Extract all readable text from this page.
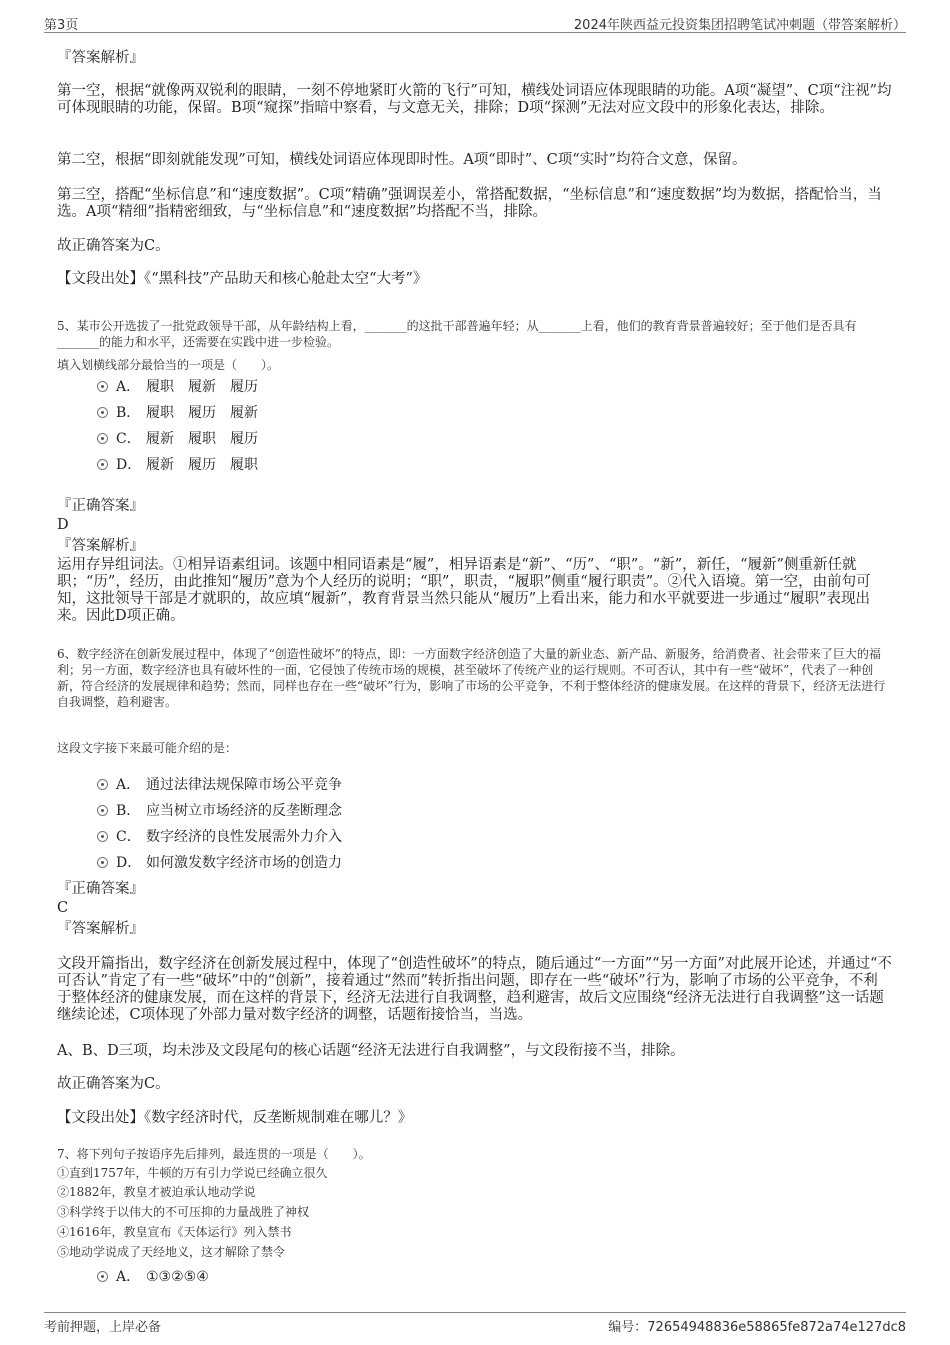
第3页	2024年陕西益元投资集团招聘笔试冲刺题（带答案解析）

『答案解析』

第一空，根据“就像两双锐利的眼睛，一刻不停地紧盯火箭的飞行”可知，横线处词语应体现眼睛的功能。A项“凝望”、C项“注视”均可体现眼睛的功能，保留。B项“窥探”指暗中察看，与文意无关，排除；D项“探测”无法对应文段中的形象化表达，排除。

第二空，根据“即刻就能发现”可知，横线处词语应体现即时性。A项“即时”、C项“实时”均符合文意，保留。

第三空，搭配“坐标信息”和“速度数据”。C项“精确”强调误差小，常搭配数据，“坐标信息”和“速度数据”均为数据，搭配恰当，当选。A项“精细”指精密细致，与“坐标信息”和“速度数据”均搭配不当，排除。

故正确答案为C。

【文段出处】《“黑科技”产品助天和核心舱赴太空“大考”》

5、某市公开选拔了一批党政领导干部，从年龄结构上看，_______的这批干部普遍年轻；从_______上看，他们的教育背景普遍较好；至于他们是否具有_______的能力和水平，还需要在实践中进一步检验。

填入划横线部分最恰当的一项是（　　）。

A． 履职　履新　履历
B． 履职　履历　履新
C． 履新　履职　履历
D． 履新　履历　履职

『正确答案』

D

『答案解析』

运用存异组词法。①相异语素组词。该题中相同语素是“履”，相异语素是“新”、“历”、“职”。“新”，新任，“履新”侧重新任就职；“历”，经历，由此推知“履历”意为个人经历的说明；“职”，职责，“履职”侧重“履行职责”。②代入语境。第一空，由前句可知，这批领导干部是才就职的，故应填“履新”，教育背景当然只能从“履历”上看出来，能力和水平就要进一步通过“履职”表现出来。因此D项正确。

6、数字经济在创新发展过程中，体现了“创造性破坏”的特点，即：一方面数字经济创造了大量的新业态、新产品、新服务，给消费者、社会带来了巨大的福利；另一方面，数字经济也具有破坏性的一面，它侵蚀了传统市场的规模，甚至破坏了传统产业的运行规则。不可否认，其中有一些“破坏”，代表了一种创新，符合经济的发展规律和趋势；然而，同样也存在一些“破坏”行为，影响了市场的公平竞争，不利于整体经济的健康发展。在这样的背景下，经济无法进行自我调整，趋利避害。

这段文字接下来最可能介绍的是：

A． 通过法律法规保障市场公平竞争
B． 应当树立市场经济的反垄断理念
C． 数字经济的良性发展需外力介入
D． 如何激发数字经济市场的创造力

『正确答案』

C

『答案解析』

文段开篇指出，数字经济在创新发展过程中，体现了“创造性破坏”的特点，随后通过“一方面”“另一方面”对此展开论述，并通过“不可否认”肯定了有一些“破坏”中的“创新”，接着通过“然而”转折指出问题，即存在一些“破坏”行为，影响了市场的公平竞争，不利于整体经济的健康发展，而在这样的背景下，经济无法进行自我调整，趋利避害，故后文应围绕“经济无法进行自我调整”这一话题继续论述，C项体现了外部力量对数字经济的调整，话题衔接恰当，当选。

A、B、D三项，均未涉及文段尾句的核心话题“经济无法进行自我调整”，与文段衔接不当，排除。

故正确答案为C。

【文段出处】《数字经济时代，反垄断规制难在哪儿？》

7、将下列句子按语序先后排列，最连贯的一项是（　　）。

①直到1757年，牛顿的万有引力学说已经确立很久

②1882年，教皇才被迫承认地动学说

③科学终于以伟大的不可压抑的力量战胜了神权

④1616年，教皇宣布《天体运行》列入禁书

⑤地动学说成了天经地义，这才解除了禁令

A． ①③②⑤④
考前押题，上岸必备	编号：72654948836e58865fe872a74e127dc8
